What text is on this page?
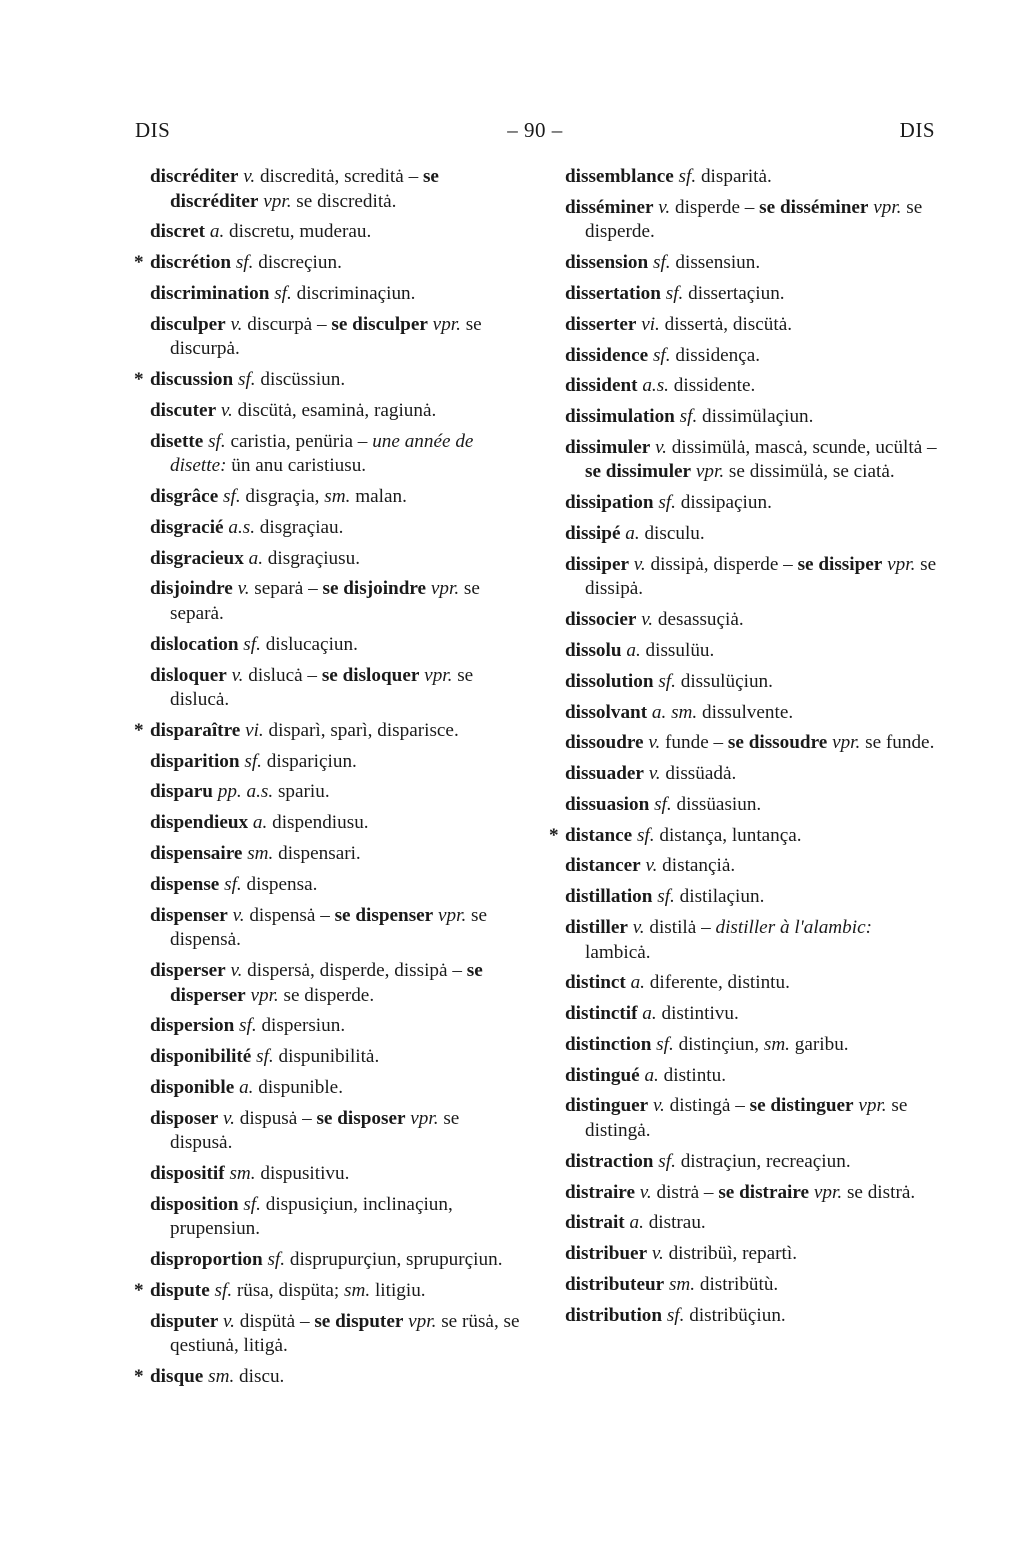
DIS	– 90 –	DIS
discréditer v. discreditȧ, screditȧ – se discréditer vpr. se discreditȧ.
discret a. discretu, muderau.
* discrétion sf. discreçiun.
discrimination sf. discriminaçiun.
disculper v. discurpȧ – se disculper vpr. se discurpȧ.
* discussion sf. discüssiun.
discuter v. discütȧ, esaminȧ, ragiunȧ.
disette sf. caristia, penüria – une année de disette: ün anu caristiusu.
disgrâce sf. disgraçia, sm. malan.
disgracié a.s. disgraçiau.
disgracieux a. disgraçiusu.
disjoindre v. separȧ – se disjoindre vpr. se separȧ.
dislocation sf. dislucaçiun.
disloquer v. dislucȧ – se disloquer vpr. se dislucȧ.
* disparaître vi. disparì, sparì, disparisce.
disparition sf. dispariçiun.
disparu pp. a.s. spariu.
dispendieux a. dispendiusu.
dispensaire sm. dispensari.
dispense sf. dispensa.
dispenser v. dispensȧ – se dispenser vpr. se dispensȧ.
disperser v. dispersȧ, disperde, dissipȧ – se disperser vpr. se disperde.
dispersion sf. dispersiun.
disponibilité sf. dispunibilitȧ.
disponible a. dispunible.
disposer v. dispusȧ – se disposer vpr. se dispusȧ.
dispositif sm. dispusitivu.
disposition sf. dispusiçiun, inclinaçiun, prupensiun.
disproportion sf. disprupurçiun, sprupurçiun.
* dispute sf. rüsa, dispüta; sm. litigiu.
disputer v. dispütȧ – se disputer vpr. se rüsȧ, se qestiunȧ, litigȧ.
* disque sm. discu.
dissemblance sf. disparitȧ.
disséminer v. disperde – se disséminer vpr. se disperde.
dissension sf. dissensiun.
dissertation sf. dissertaçiun.
disserter vi. dissertȧ, discütȧ.
dissidence sf. dissidença.
dissident a.s. dissidente.
dissimulation sf. dissimülaçiun.
dissimuler v. dissimülȧ, mascȧ, scunde, ucültȧ – se dissimuler vpr. se dissimülȧ, se ciatȧ.
dissipation sf. dissipaçiun.
dissipé a. disculu.
dissiper v. dissipȧ, disperde – se dissiper vpr. se dissipȧ.
dissocier v. desassuçiȧ.
dissolu a. dissulüu.
dissolution sf. dissulüçiun.
dissolvant a. sm. dissulvente.
dissoudre v. funde – se dissoudre vpr. se funde.
dissuader v. dissüadȧ.
dissuasion sf. dissüasiun.
* distance sf. distança, luntança.
distancer v. distançiȧ.
distillation sf. distilaçiun.
distiller v. distilȧ – distiller à l'alambic: lambicȧ.
distinct a. diferente, distintu.
distinctif a. distintivu.
distinction sf. distinçiun, sm. garibu.
distingué a. distintu.
distinguer v. distingȧ – se distinguer vpr. se distingȧ.
distraction sf. distraçiun, recreaçiun.
distraire v. distrȧ – se distraire vpr. se distrȧ.
distrait a. distrau.
distribuer v. distribüì, repartì.
distributeur sm. distribütù.
distribution sf. distribüçiun.
